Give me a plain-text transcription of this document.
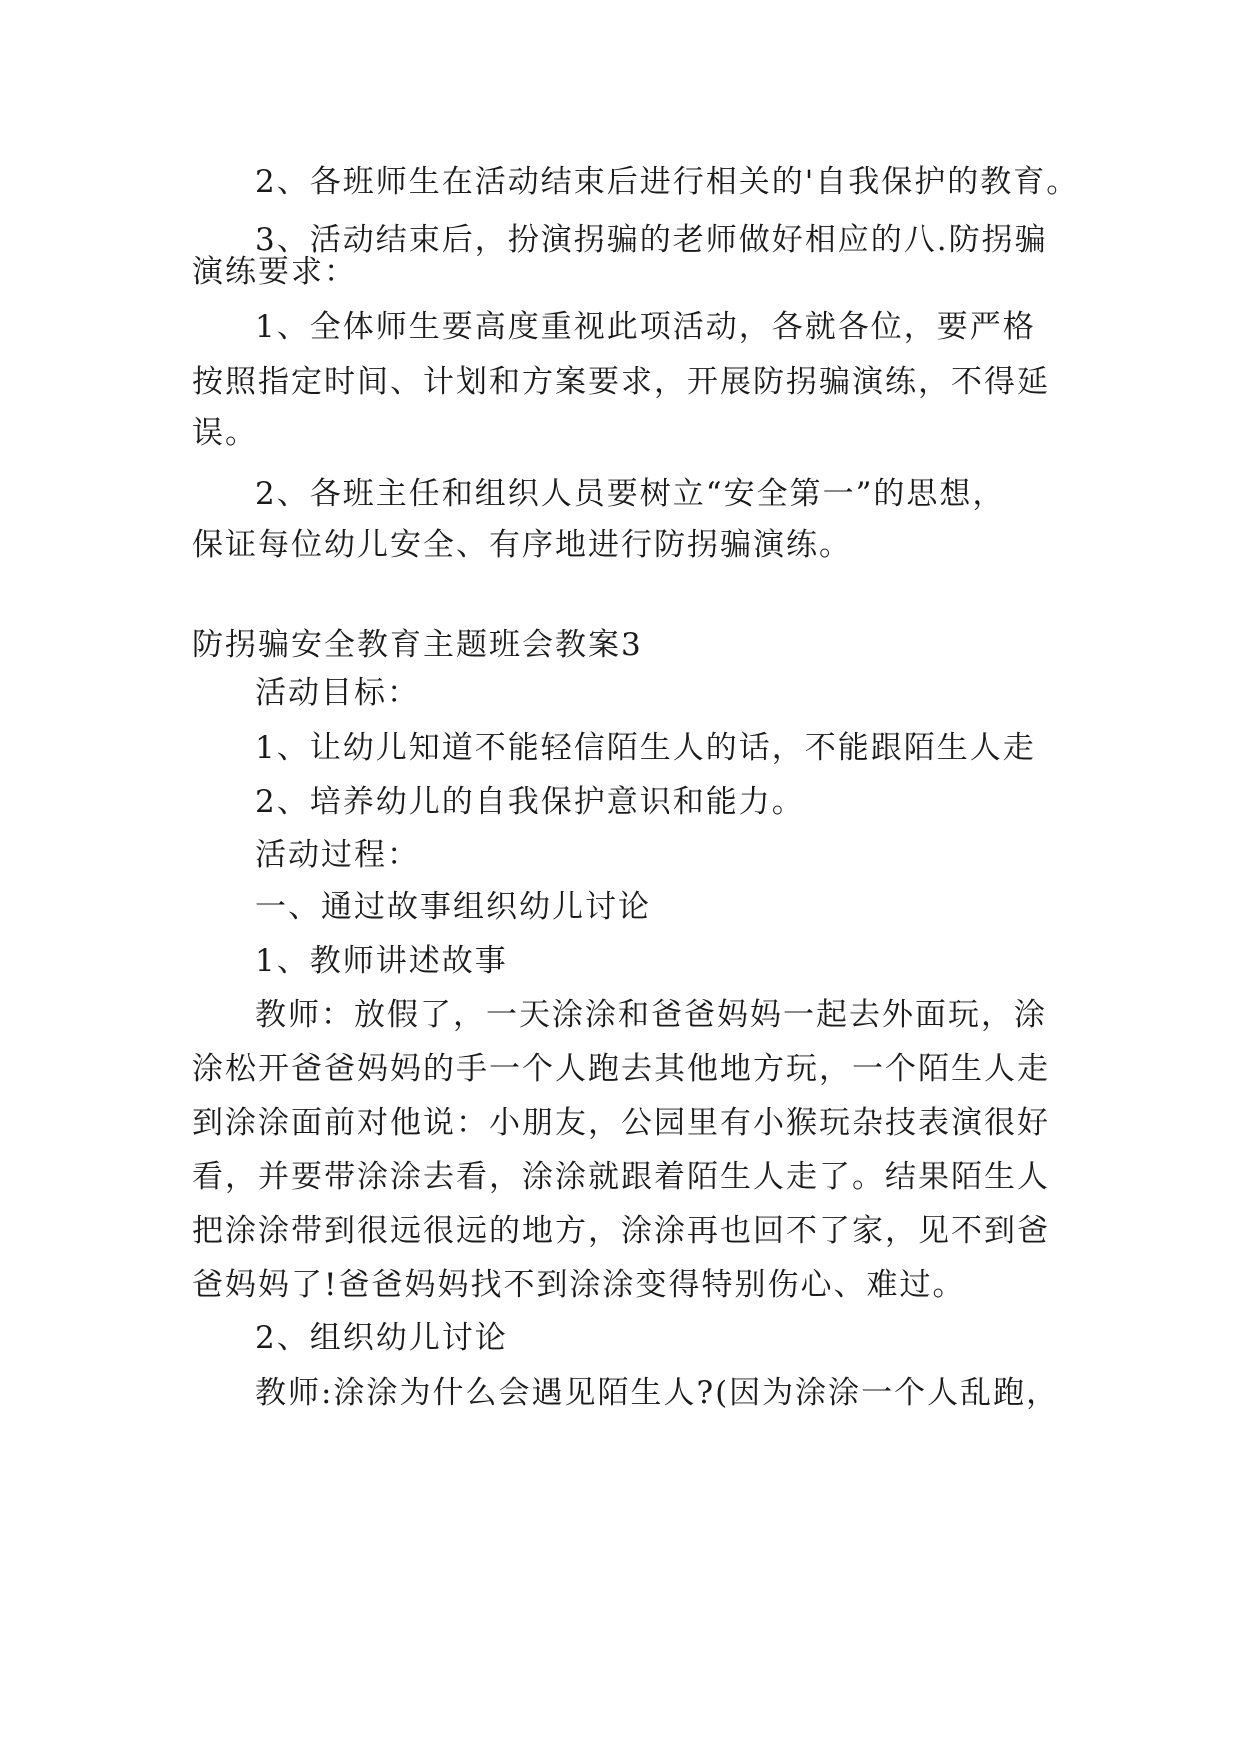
2、各班师生在活动结束后进行相关的'自我保护的教育。
3、活动结束后，扮演拐骗的老师做好相应的八.防拐骗
演练要求：
1、全体师生要高度重视此项活动，各就各位，要严格
按照指定时间、计划和方案要求，开展防拐骗演练，不得延
误。
2、各班主任和组织人员要树立“安全第一”的思想，
保证每位幼儿安全、有序地进行防拐骗演练。
防拐骗安全教育主题班会教案3
活动目标：
1、让幼儿知道不能轻信陌生人的话，不能跟陌生人走
2、培养幼儿的自我保护意识和能力。
活动过程：
一、通过故事组织幼儿讨论
1、教师讲述故事
教师：放假了，一天涂涂和爸爸妈妈一起去外面玩，涂
涂松开爸爸妈妈的手一个人跑去其他地方玩，一个陌生人走
到涂涂面前对他说：小朋友，公园里有小猴玩杂技表演很好
看，并要带涂涂去看，涂涂就跟着陌生人走了。结果陌生人
把涂涂带到很远很远的地方，涂涂再也回不了家，见不到爸
爸妈妈了!爸爸妈妈找不到涂涂变得特别伤心、难过。
2、组织幼儿讨论
教师:涂涂为什么会遇见陌生人?(因为涂涂一个人乱跑，
